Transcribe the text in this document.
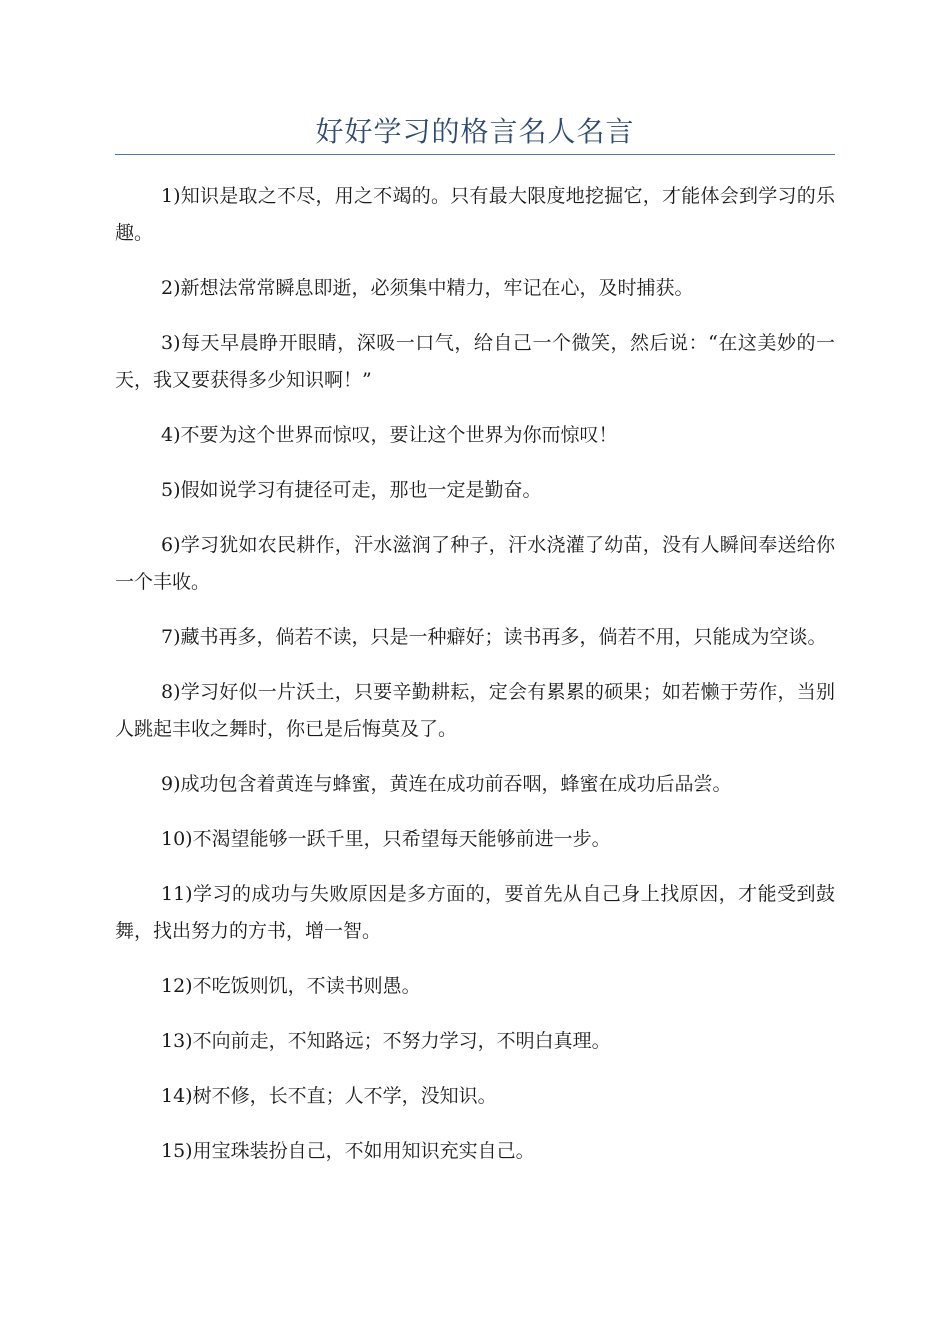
好好学习的格言名人名言

1)知识是取之不尽，用之不竭的。只有最大限度地挖掘它，才能体会到学习的乐趣。

2)新想法常常瞬息即逝，必须集中精力，牢记在心，及时捕获。

3)每天早晨睁开眼睛，深吸一口气，给自己一个微笑，然后说：“在这美妙的一天，我又要获得多少知识啊！”

4)不要为这个世界而惊叹，要让这个世界为你而惊叹！

5)假如说学习有捷径可走，那也一定是勤奋。

6)学习犹如农民耕作，汗水滋润了种子，汗水浇灌了幼苗，没有人瞬间奉送给你一个丰收。

7)藏书再多，倘若不读，只是一种癖好；读书再多，倘若不用，只能成为空谈。

8)学习好似一片沃土，只要辛勤耕耘，定会有累累的硕果；如若懒于劳作，当别人跳起丰收之舞时，你已是后悔莫及了。

9)成功包含着黄连与蜂蜜，黄连在成功前吞咽，蜂蜜在成功后品尝。

10)不渴望能够一跃千里，只希望每天能够前进一步。

11)学习的成功与失败原因是多方面的，要首先从自己身上找原因，才能受到鼓舞，找出努力的方书，增一智。

12)不吃饭则饥，不读书则愚。

13)不向前走，不知路远；不努力学习，不明白真理。

14)树不修，长不直；人不学，没知识。

15)用宝珠装扮自己，不如用知识充实自己。
